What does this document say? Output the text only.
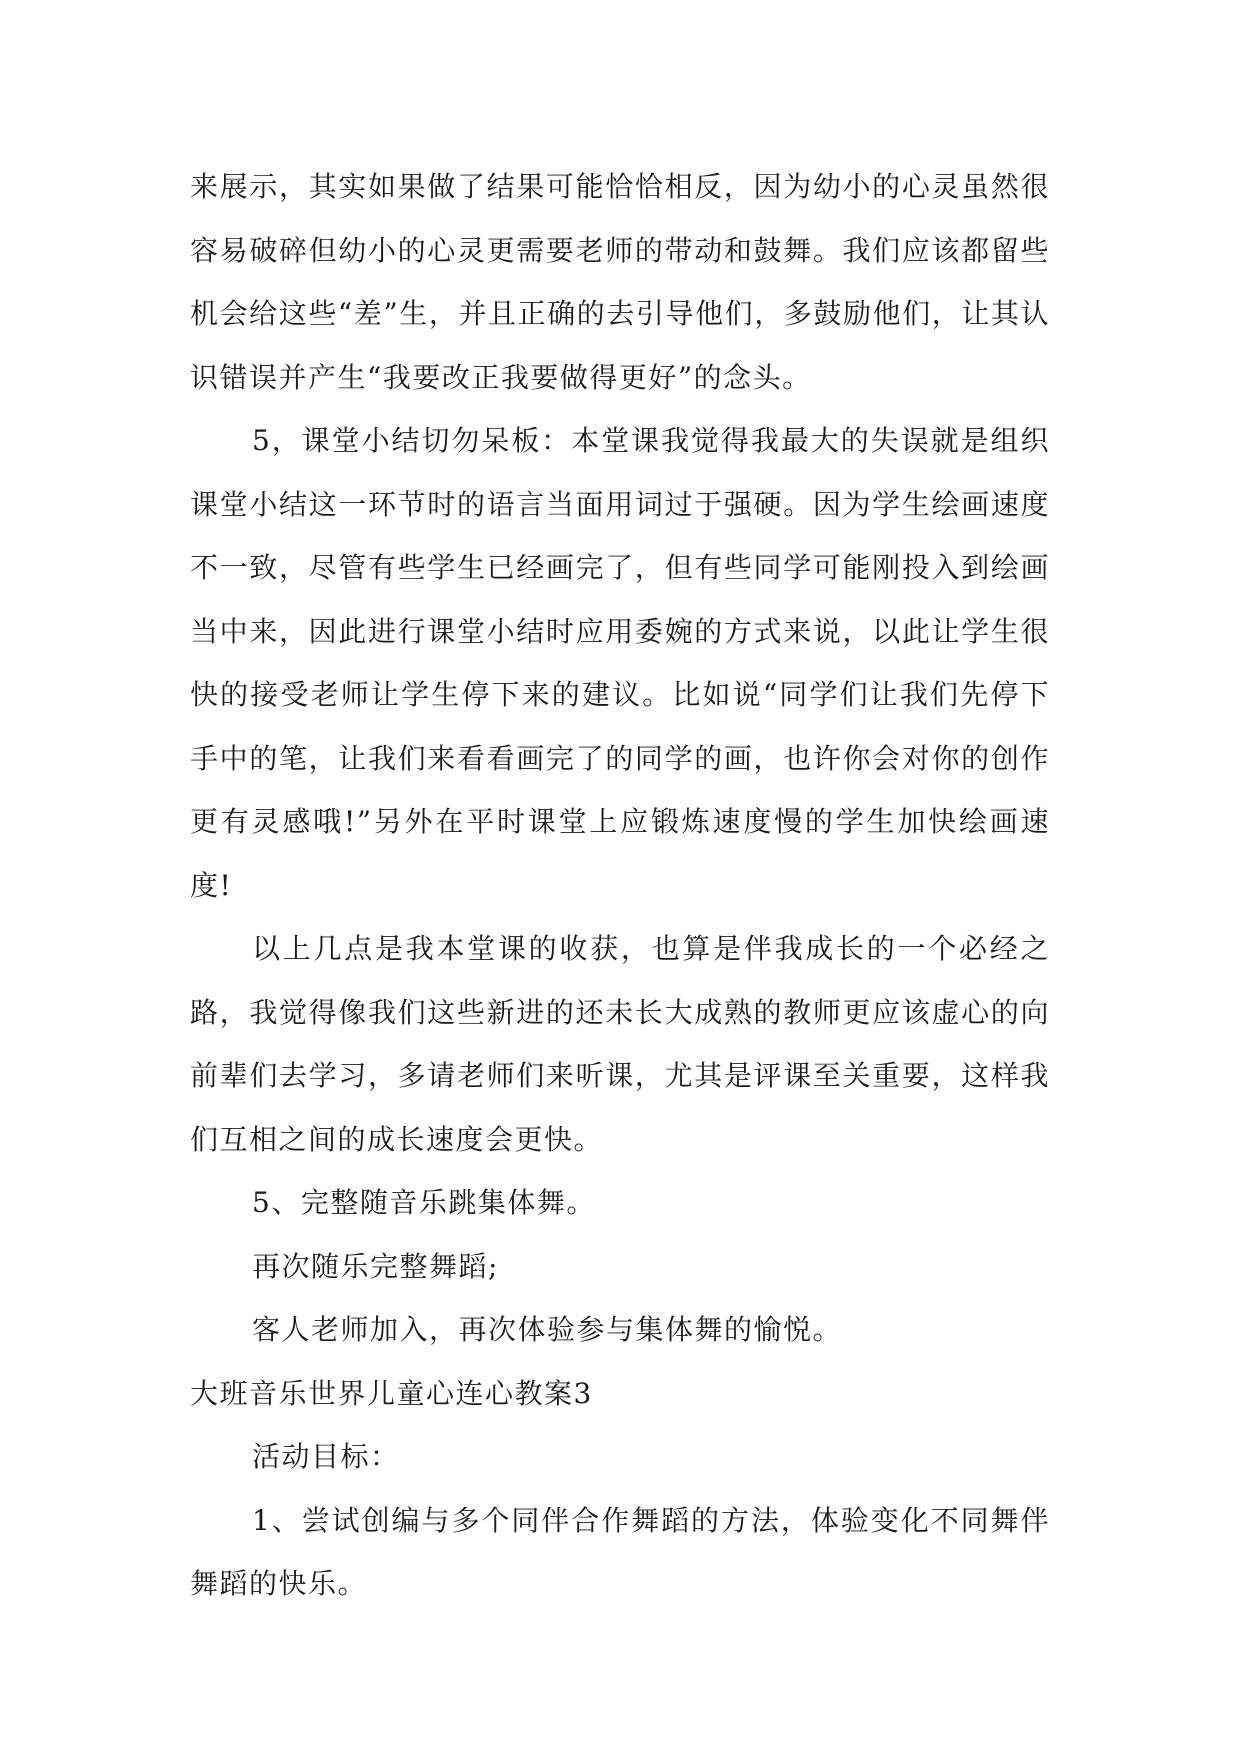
来展示，其实如果做了结果可能恰恰相反，因为幼小的心灵虽然很容易破碎但幼小的心灵更需要老师的带动和鼓舞。我们应该都留些机会给这些“差”生，并且正确的去引导他们，多鼓励他们，让其认识错误并产生“我要改正我要做得更好”的念头。

5，课堂小结切勿呆板：本堂课我觉得我最大的失误就是组织课堂小结这一环节时的语言当面用词过于强硬。因为学生绘画速度不一致，尽管有些学生已经画完了，但有些同学可能刚投入到绘画当中来，因此进行课堂小结时应用委婉的方式来说，以此让学生很快的接受老师让学生停下来的建议。比如说“同学们让我们先停下手中的笔，让我们来看看画完了的同学的画，也许你会对你的创作更有灵感哦!”另外在平时课堂上应锻炼速度慢的学生加快绘画速度!

以上几点是我本堂课的收获，也算是伴我成长的一个必经之路，我觉得像我们这些新进的还未长大成熟的教师更应该虚心的向前辈们去学习，多请老师们来听课，尤其是评课至关重要，这样我们互相之间的成长速度会更快。

5、完整随音乐跳集体舞。

再次随乐完整舞蹈;

客人老师加入，再次体验参与集体舞的愉悦。

大班音乐世界儿童心连心教案3

活动目标：

1、尝试创编与多个同伴合作舞蹈的方法，体验变化不同舞伴舞蹈的快乐。
